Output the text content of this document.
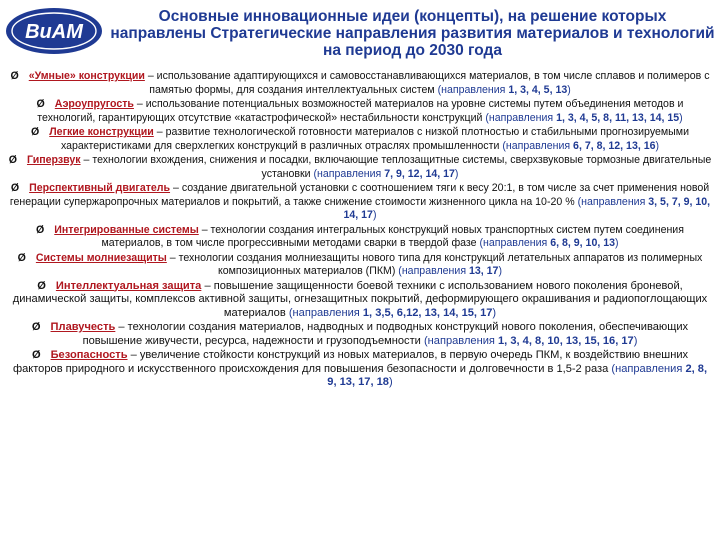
ВиАМ
Основные инновационные идеи (концепты), на решение которых направлены Стратегические направления развития материалов и технологий на период до 2030 года
Ø «Умные» конструкции – использование адаптирующихся и самовосстанавливающихся материалов, в том числе сплавов и полимеров с памятью формы, для создания интеллектуальных систем (направления 1, 3, 4, 5, 13)
Ø Аэроупругость – использование потенциальных возможностей материалов на уровне системы путем объединения методов и технологий, гарантирующих отсутствие «катастрофической» нестабильности конструкций (направления 1, 3, 4, 5, 8, 11, 13, 14, 15)
Ø Легкие конструкции – развитие технологической готовности материалов с низкой плотностью и стабильными прогнозируемыми характеристиками для сверхлегких конструкций в различных отраслях промышленности (направления 6, 7, 8, 12, 13, 16)
Ø Гиперзвук – технологии вхождения, снижения и посадки, включающие теплозащитные системы, сверхзвуковые тормозные двигательные установки (направления 7, 9, 12, 14, 17)
Ø Перспективный двигатель – создание двигательной установки с соотношением тяги к весу 20:1, в том числе за счет применения новой генерации супержаропрочных материалов и покрытий, а также снижение стоимости жизненного цикла на 10-20 % (направления 3, 5, 7, 9, 10, 14, 17)
Ø Интегрированные системы – технологии создания интегральных конструкций новых транспортных систем путем соединения материалов, в том числе прогрессивными методами сварки в твердой фазе (направления 6, 8, 9, 10, 13)
Ø Системы молниезащиты – технологии создания молниезащиты нового типа для конструкций летательных аппаратов из полимерных композиционных материалов (ПКМ) (направления 13, 17)
Ø Интеллектуальная защита – повышение защищенности боевой техники с использованием нового поколения броневой, динамической защиты, комплексов активной защиты, огнезащитных покрытий, деформирующего окрашивания и радиопоглощающих материалов (направления 1, 3,5, 6,12, 13, 14, 15, 17)
Ø Плавучесть – технологии создания материалов, надводных и подводных конструкций нового поколения, обеспечивающих повышение живучести, ресурса, надежности и грузоподъемности (направления 1, 3, 4, 8, 10, 13, 15, 16, 17)
Ø Безопасность – увеличение стойкости конструкций из новых материалов, в первую очередь ПКМ, к воздействию внешних факторов природного и искусственного происхождения для повышения безопасности и долговечности в 1,5-2 раза (направления 2, 8, 9, 13, 17, 18)
